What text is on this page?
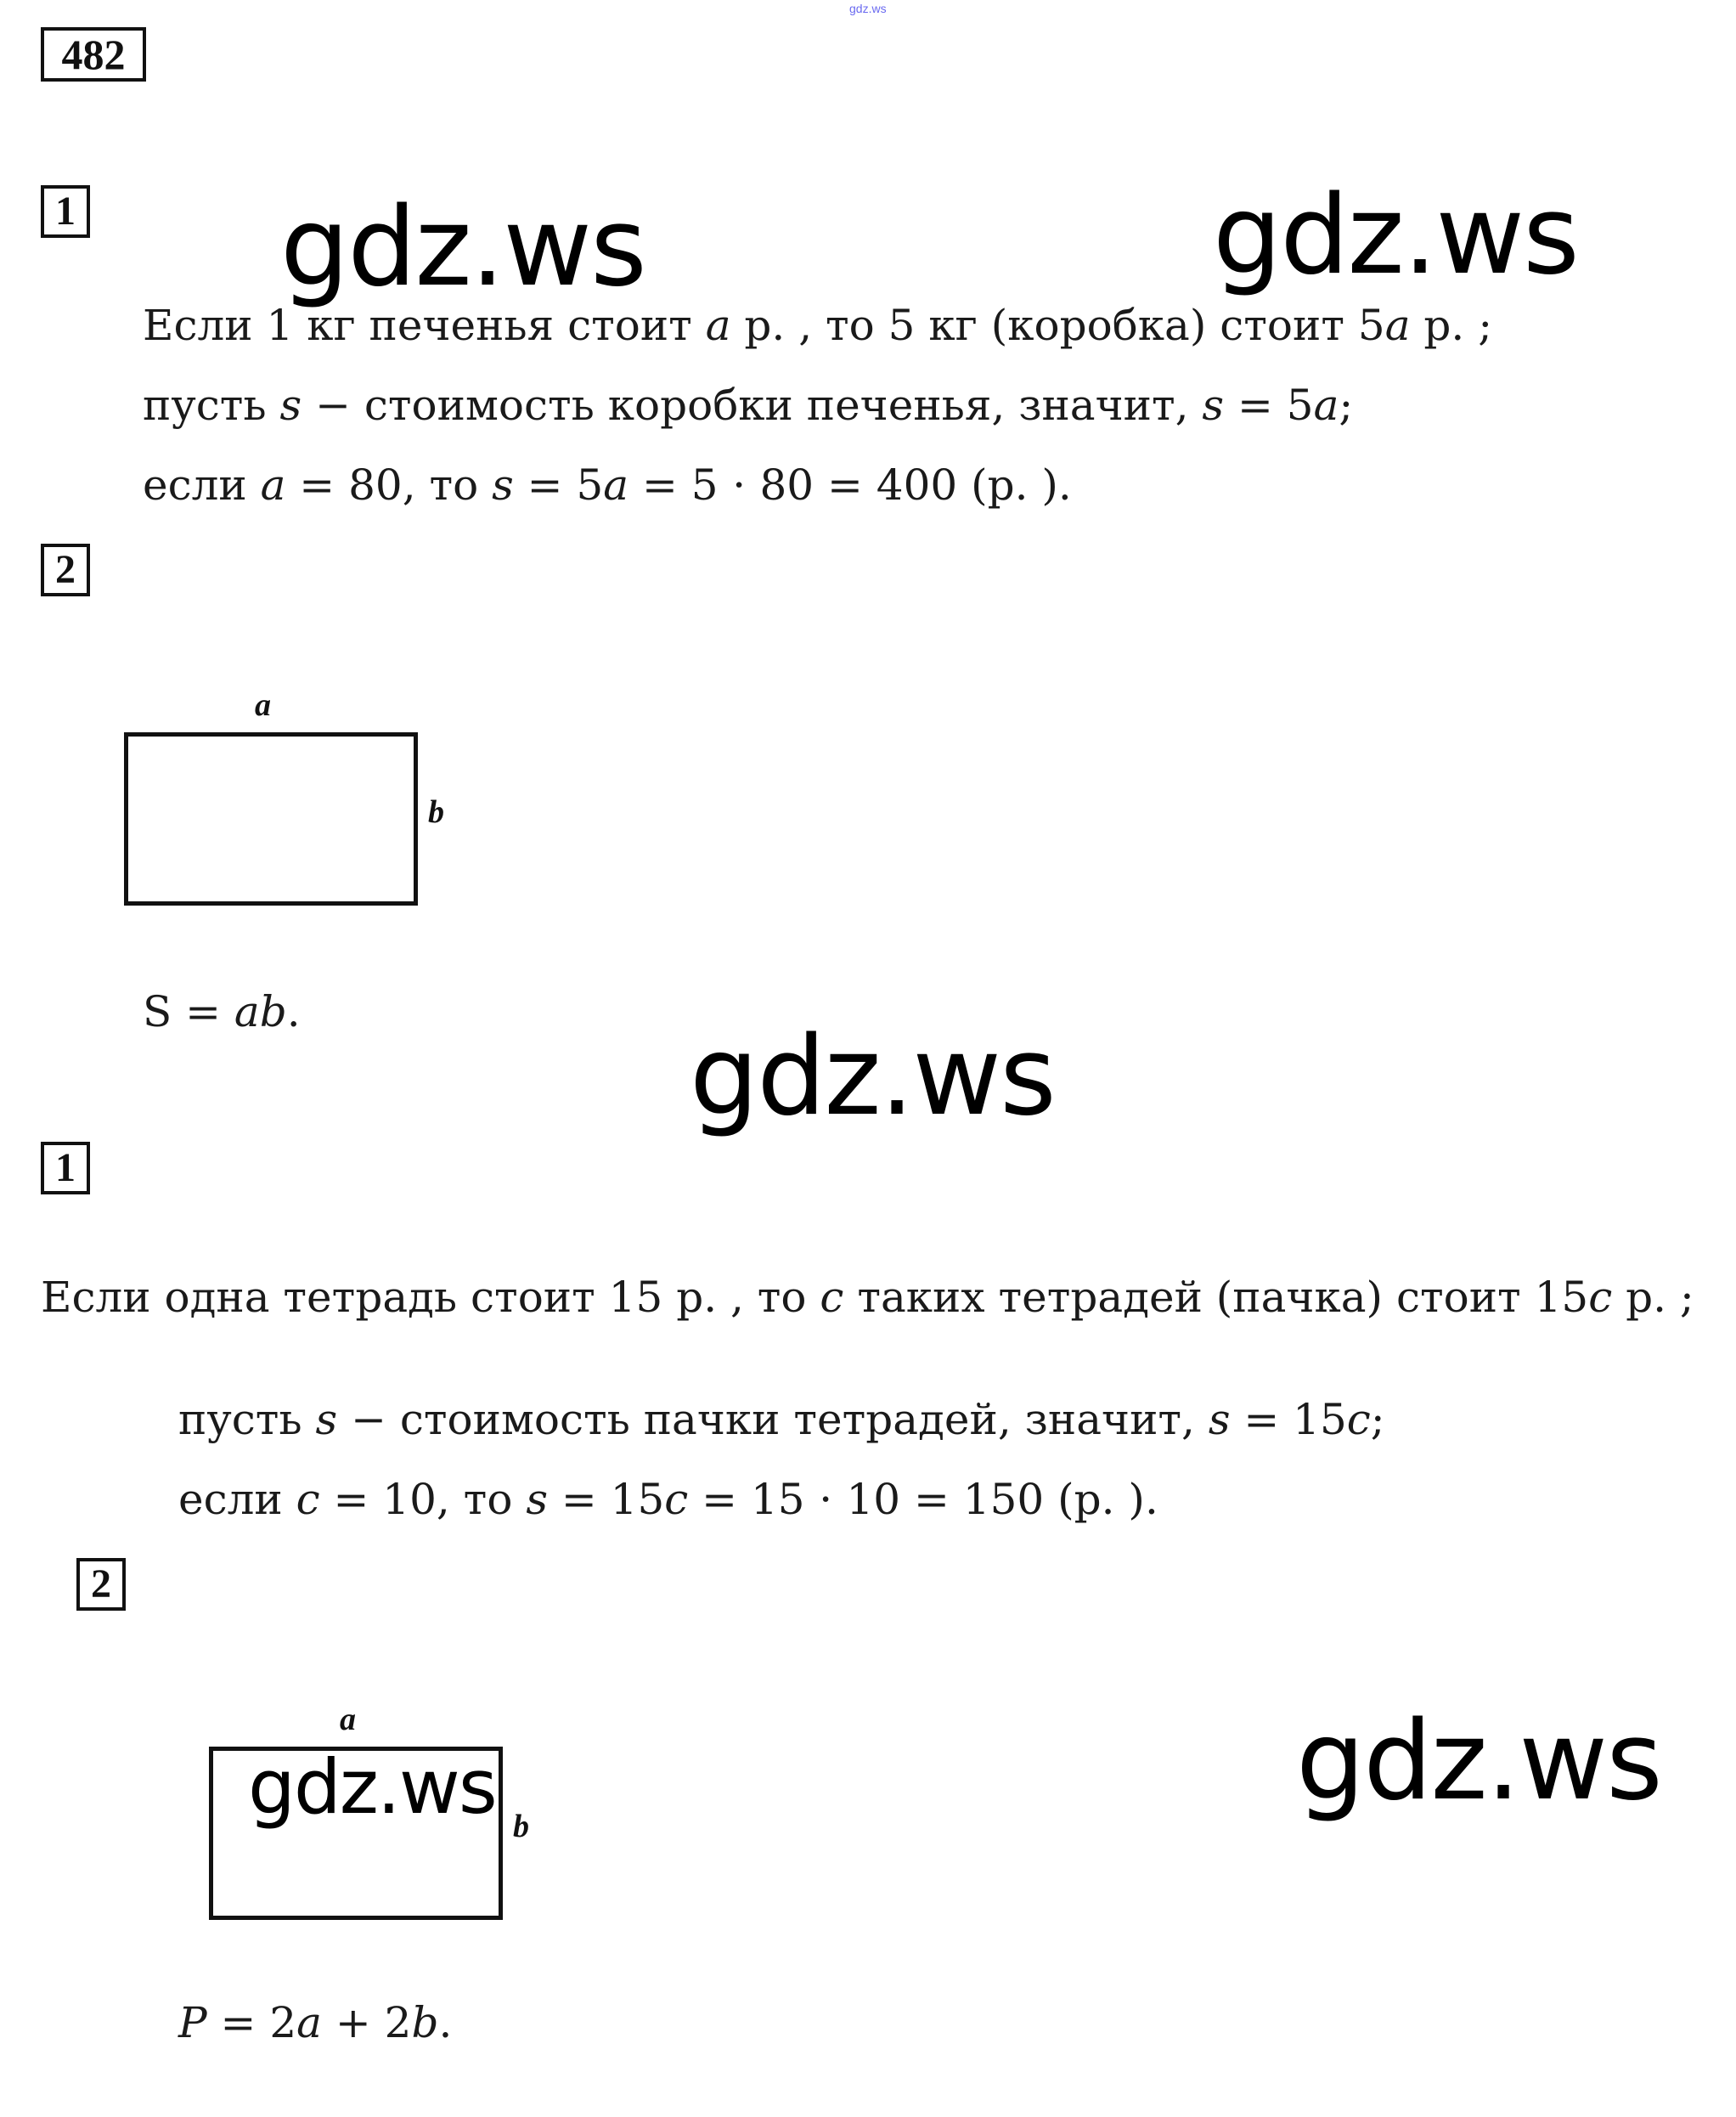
gdz.ws
482
1 gdz.ws	gdz.ws
Если 1 кг печенья стоит 𝑎 р. , то 5 кг (коробка) стоит 5𝑎 р. ;
пусть 𝑠 − стоимость коробки печенья, значит, 𝑠 = 5𝑎;
если 𝑎 = 80, то 𝑠 = 5𝑎 = 5 ⋅ 80 = 400 (р. ).
2
a
b
S = 𝑎𝑏.
gdz.ws
1
Если одна тетрадь стоит 15 р. , то 𝑐 таких тетрадей (пачка) стоит 15𝑐 р. ;
пусть 𝑠 − стоимость пачки тетрадей, значит, 𝑠 = 15𝑐;
если 𝑐 = 10, то 𝑠 = 15𝑐 = 15 ⋅ 10 = 150 (р. ).
2
a
gdz.ws b
gdz.ws
𝑃 = 2𝑎 + 2𝑏.
